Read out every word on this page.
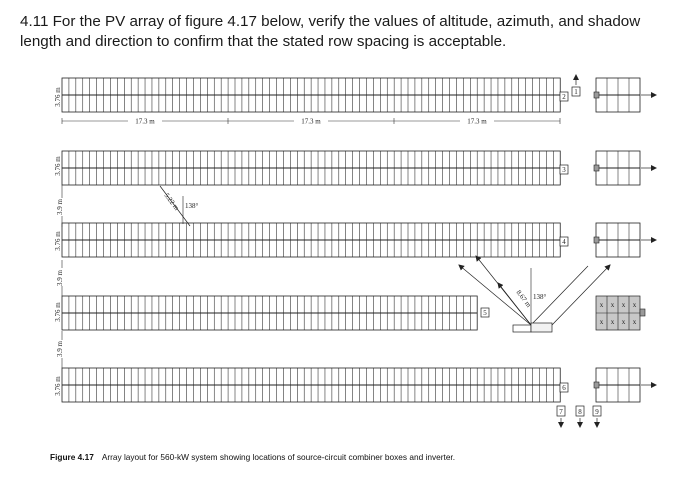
4.11 For the PV array of figure 4.17 below, verify the values of altitude, azimuth, and shadow length and direction to confirm that the stated row spacing is acceptable.

17.3 m	17.3 m	17.3 m
3.76 m
3.76 m
3.76 m
3.76 m
3.76 m
3.9 m
3.9 m
3.9 m
1
2
3
4
5
6
7 8 9
5.22 m 138°
8.67 m 138°
x x x x
x x x x
Figure 4.17 Array layout for 560-kW system showing locations of source-circuit combiner boxes and inverter.
